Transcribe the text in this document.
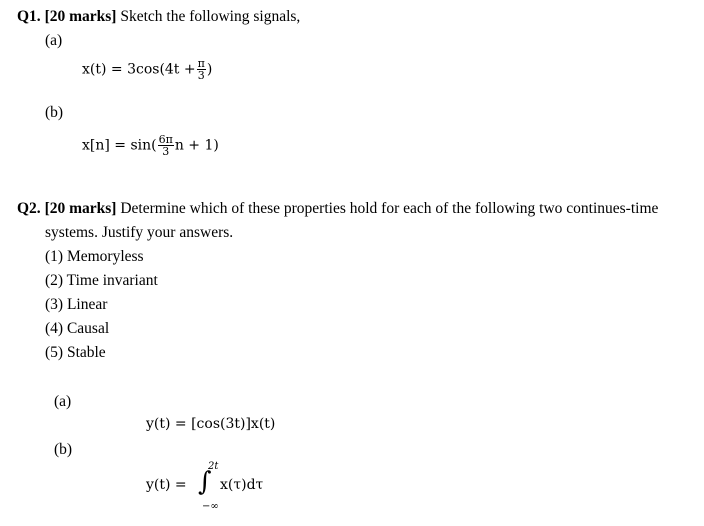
Q1. [20 marks] Sketch the following signals,
(a)
$x(t) = 3\cos(4t + \frac{\pi}{3}$ )
(b)
$x[n] = \sin( \frac{6\pi}{3}$ n + 1)
Q2. [20 marks] Determine which of these properties hold for each of the following two continues-time
systems. Justify your answers.
(1) Memoryless
(2) Time invariant
(3) Linear
(4) Causal
(5) Stable
(a)
y(t) = [cos(3t)]x(t)
(b)
y(t) = ∫
2t
−∞
x(τ)dτ
